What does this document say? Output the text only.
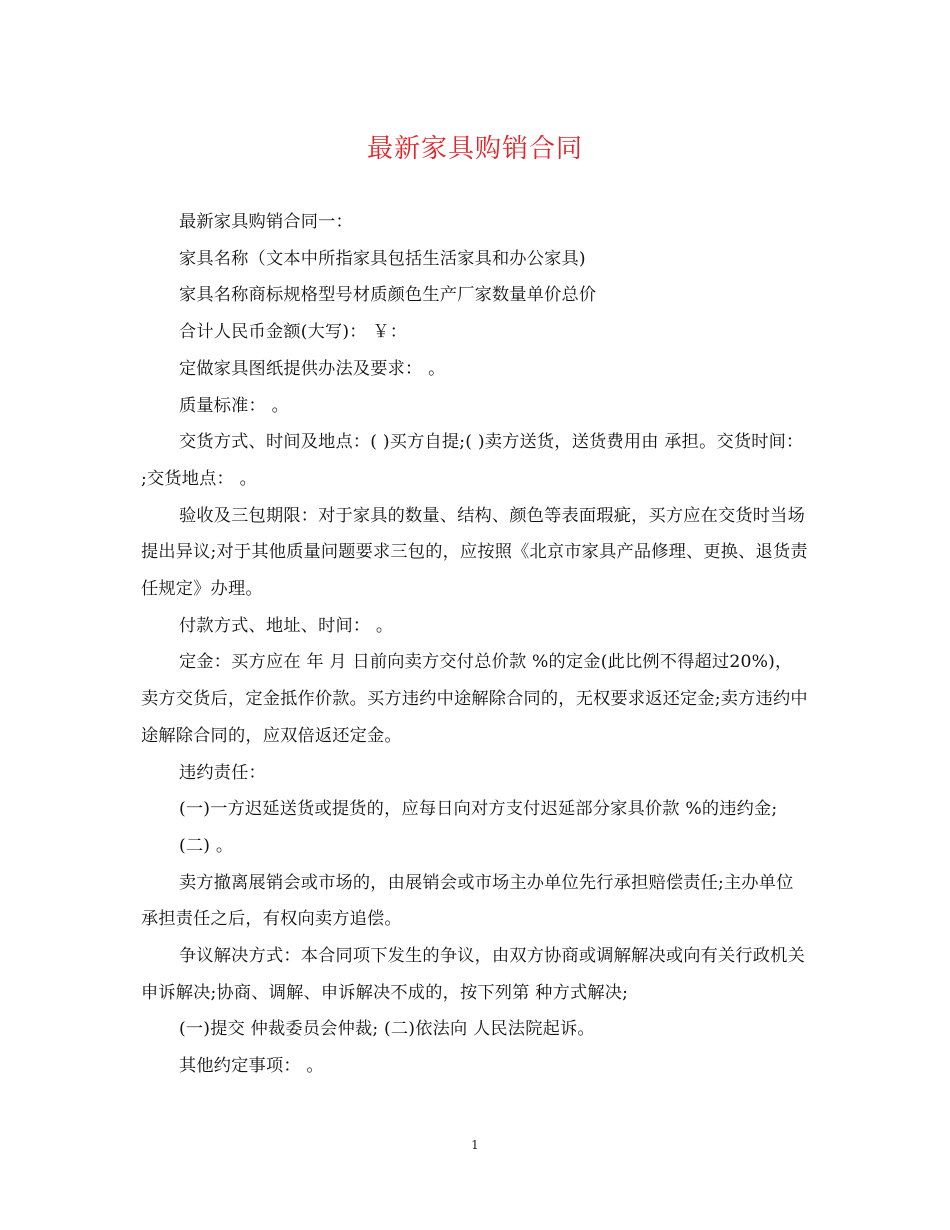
最新家具购销合同

最新家具购销合同一：

家具名称（文本中所指家具包括生活家具和办公家具)

家具名称商标规格型号材质颜色生产厂家数量单价总价

合计人民币金额(大写)： ￥：

定做家具图纸提供办法及要求： 。

质量标准： 。

交货方式、时间及地点：( )买方自提;( )卖方送货，送货费用由 承担。交货时间： ;交货地点： 。

验收及三包期限：对于家具的数量、结构、颜色等表面瑕疵，买方应在交货时当场提出异议;对于其他质量问题要求三包的，应按照《北京市家具产品修理、更换、退货责任规定》办理。

付款方式、地址、时间： 。

定金：买方应在 年 月 日前向卖方交付总价款 %的定金(此比例不得超过20%)，卖方交货后，定金抵作价款。买方违约中途解除合同的，无权要求返还定金;卖方违约中途解除合同的，应双倍返还定金。

违约责任：

(一)一方迟延送货或提货的，应每日向对方支付迟延部分家具价款 %的违约金;

(二) 。

卖方撤离展销会或市场的，由展销会或市场主办单位先行承担赔偿责任;主办单位承担责任之后，有权向卖方追偿。

争议解决方式：本合同项下发生的争议，由双方协商或调解解决或向有关行政机关申诉解决;协商、调解、申诉解决不成的，按下列第 种方式解决;

(一)提交 仲裁委员会仲裁; (二)依法向 人民法院起诉。

其他约定事项： 。

1
